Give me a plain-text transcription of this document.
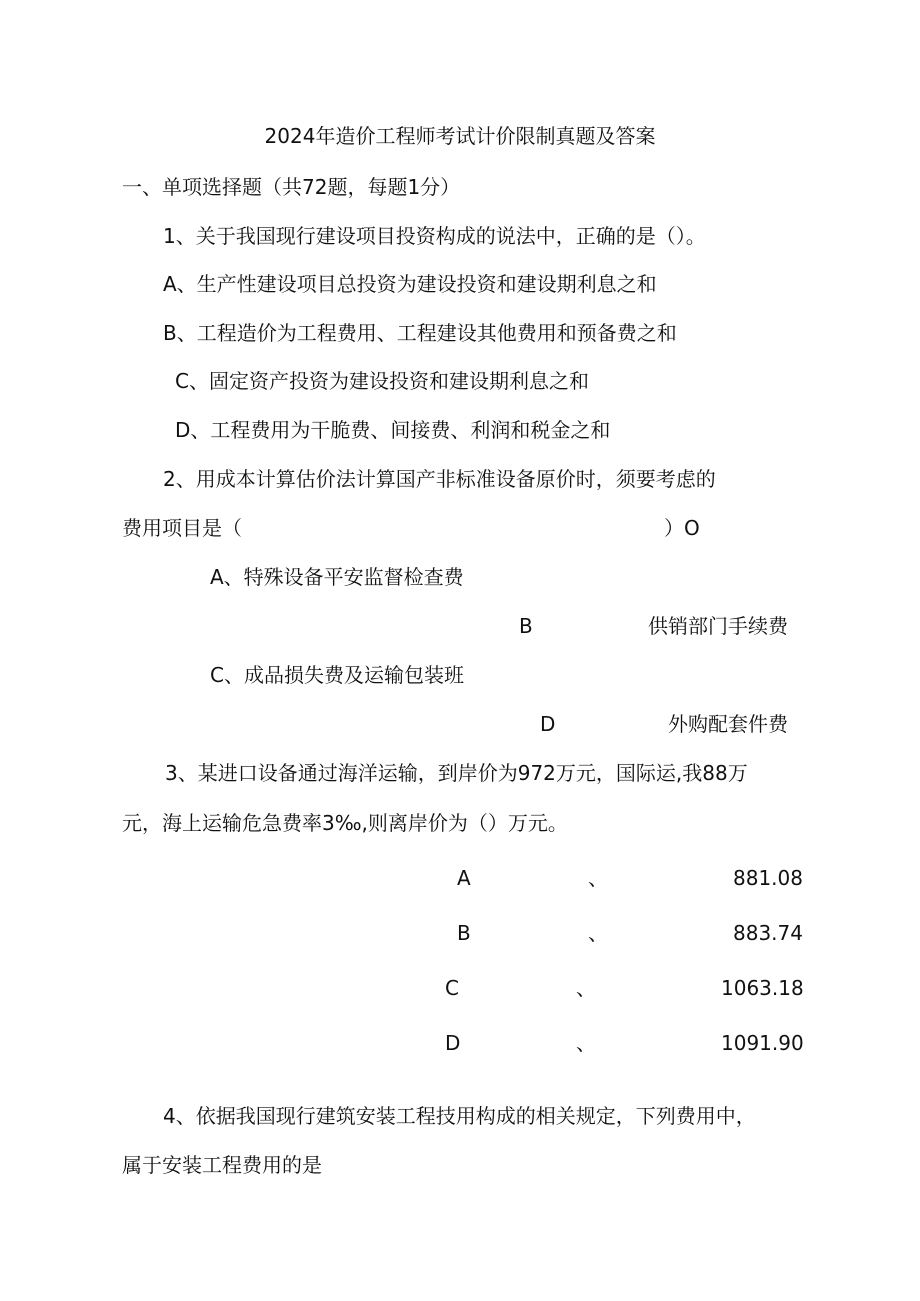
2024年造价工程师考试计价限制真题及答案
一、单项选择题（共72题，每题1分）
1、关于我国现行建设项目投资构成的说法中，正确的是（）。
A、生产性建设项目总投资为建设投资和建设期利息之和
B、工程造价为工程费用、工程建设其他费用和预备费之和
C、固定资产投资为建设投资和建设期利息之和
D、工程费用为干脆费、间接费、利润和税金之和
2、用成本计算估价法计算国产非标准设备原价时，须要考虑的
费用项目是（	）O
A、特殊设备平安监督检查费
B	供销部门手续费
C、成品损失费及运输包装班
D	外购配套件费
3、某进口设备通过海洋运输，到岸价为972万元，国际运,我88万
元，海上运输危急费率3‰,则离岸价为（）万元。
A	、	881.08
B	、	883.74
C	、	1063.18
D	、	1091.90
4、依据我国现行建筑安装工程技用构成的相关规定，下列费用中，
属于安装工程费用的是
